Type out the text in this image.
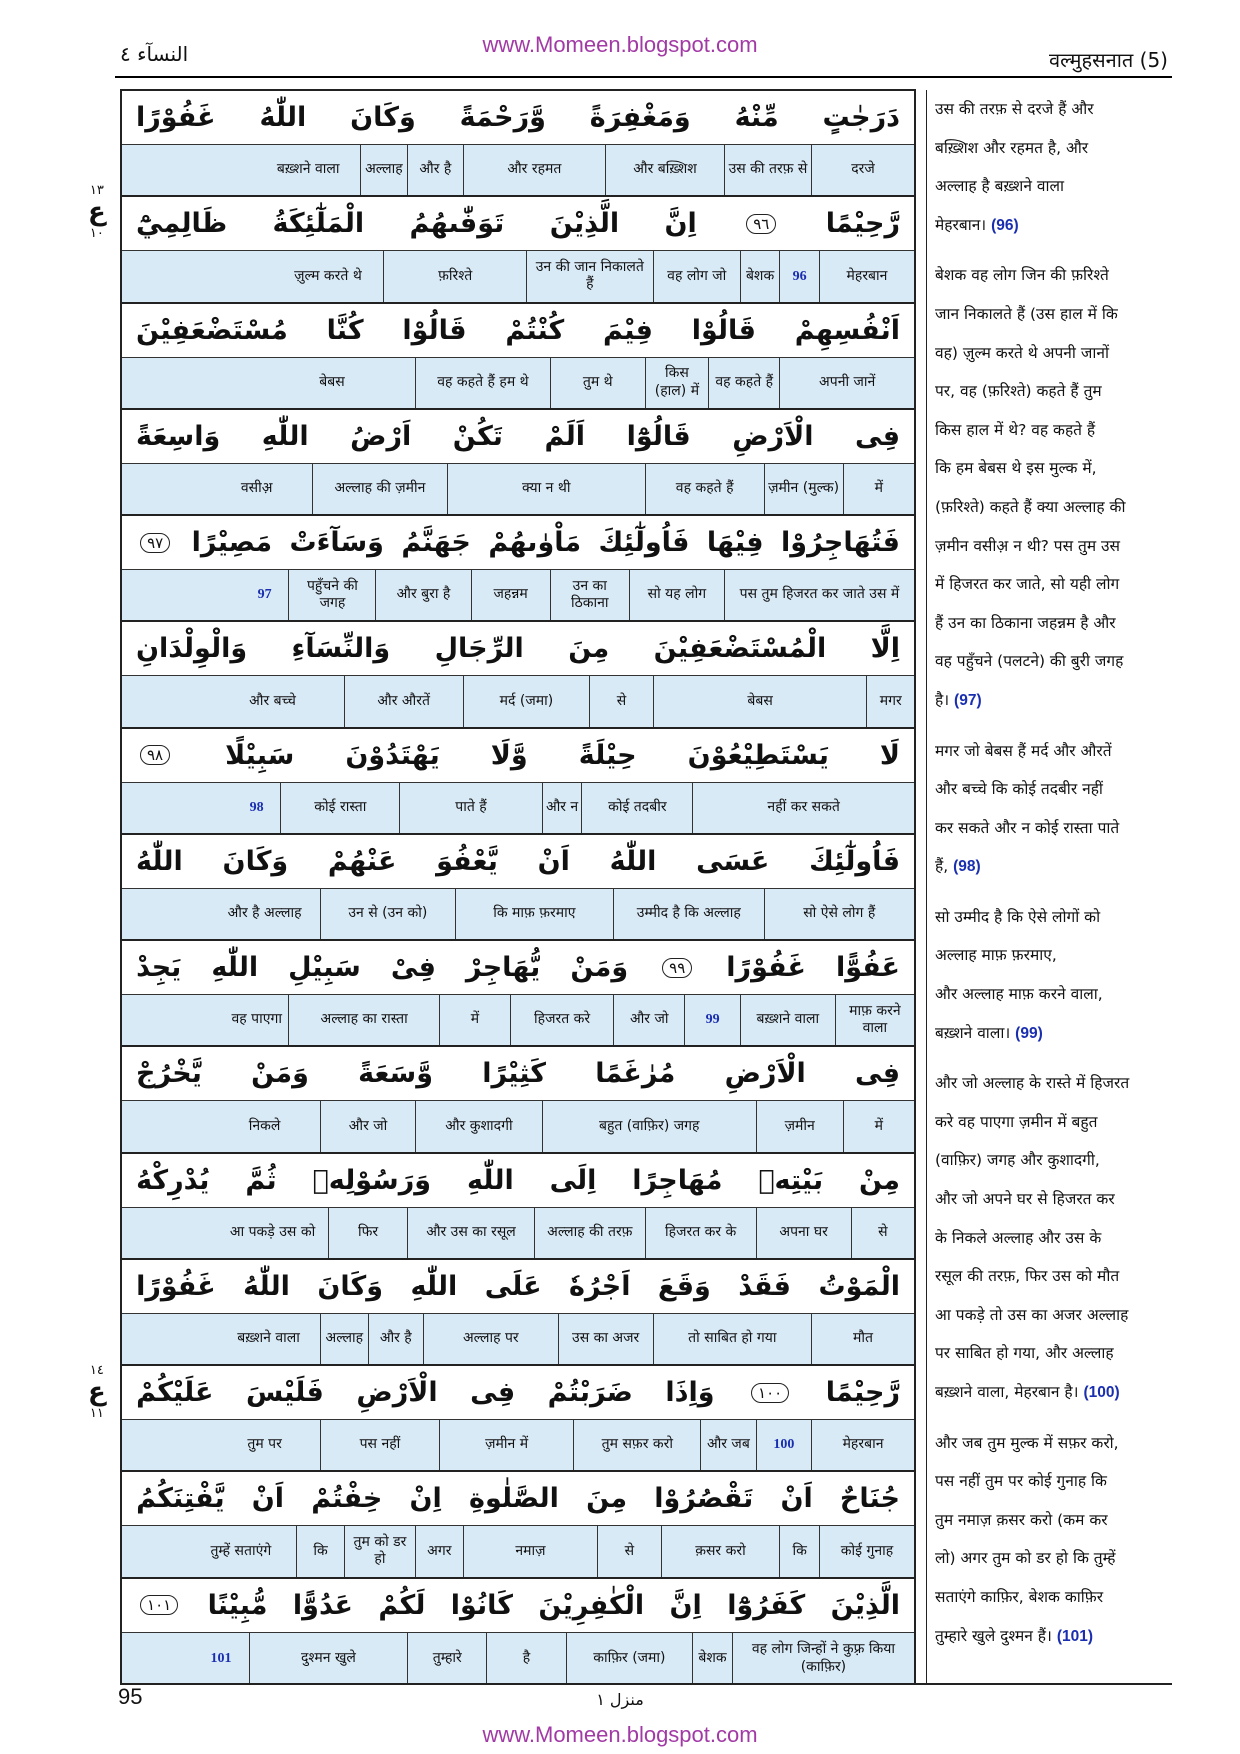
www.Momeen.blogspot.com
النسآء ٤	वल्मुहसनात (5)
١٣
ع
١٠
١٤
ع
١١
دَرَجٰتٍ
مِّنْهُ
وَمَغْفِرَةً
وَّرَحْمَةً
وَكَانَ
اللّٰهُ
غَفُوْرًا
दरजे
उस की तरफ़ से
और बख़्शिश
और रहमत
और है
अल्लाह
बख़्शने वाला
رَّحِيْمًا
٩٦
اِنَّ
الَّذِيْنَ
تَوَفّٰىهُمُ
الْمَلٰٓئِكَةُ
ظَالِمِيْٓ
मेहरबान
96
बेशक
वह लोग जो
उन की जान निकालते हैं
फ़रिश्ते
ज़ुल्म करते थे
اَنْفُسِهِمْ
قَالُوْا
فِيْمَ
كُنْتُمْ
قَالُوْا
كُنَّا
مُسْتَضْعَفِيْنَ
अपनी जानें
वह कहते हैं
किस (हाल) में
तुम थे
वह कहते हैं हम थे
बेबस
فِى
الْاَرْضِ
قَالُوْٓا
اَلَمْ
تَكُنْ
اَرْضُ
اللّٰهِ
وَاسِعَةً
में
ज़मीन (मुल्क)
वह कहते हैं
क्या न थी
अल्लाह की ज़मीन
वसीअ़
فَتُهَاجِرُوْا
فِيْهَا
فَاُولٰٓئِكَ
مَاْوٰىهُمْ
جَهَنَّمُ
وَسَآءَتْ
مَصِيْرًا
٩٧
पस तुम हिजरत कर जाते उस में
सो यह लोग
उन का ठिकाना
जहन्नम
और बुरा है
पहुँचने की जगह
97
اِلَّا
الْمُسْتَضْعَفِيْنَ
مِنَ
الرِّجَالِ
وَالنِّسَآءِ
وَالْوِلْدَانِ
मगर
बेबस
से
मर्द (जमा)
और औरतें
और बच्चे
لَا
يَسْتَطِيْعُوْنَ
حِيْلَةً
وَّلَا
يَهْتَدُوْنَ
سَبِيْلًا
٩٨
नहीं कर सकते
कोई तदबीर
और न
पाते हैं
कोई रास्ता
98
فَاُولٰٓئِكَ
عَسَى
اللّٰهُ
اَنْ
يَّعْفُوَ
عَنْهُمْ
وَكَانَ
اللّٰهُ
सो ऐसे लोग हैं
उम्मीद है कि अल्लाह
कि माफ़ फ़रमाए
उन से (उन को)
और है अल्लाह
عَفُوًّا
غَفُوْرًا
٩٩
وَمَنْ
يُّهَاجِرْ
فِىْ
سَبِيْلِ
اللّٰهِ
يَجِدْ
माफ़ करने वाला
बख़्शने वाला
99
और जो
हिजरत करे
में
अल्लाह का रास्ता
वह पाएगा
فِى
الْاَرْضِ
مُرٰغَمًا
كَثِيْرًا
وَّسَعَةً
وَمَنْ
يَّخْرُجْ
में
ज़मीन
बहुत (वाफ़िर) जगह
और कुशादगी
और जो
निकले
مِنْ
بَيْتِهٖ
مُهَاجِرًا
اِلَى
اللّٰهِ
وَرَسُوْلِهٖ
ثُمَّ
يُدْرِكْهُ
से
अपना घर
हिजरत कर के
अल्लाह की तरफ़
और उस का रसूल
फिर
आ पकड़े उस को
الْمَوْتُ
فَقَدْ
وَقَعَ
اَجْرُهٗ
عَلَى
اللّٰهِ
وَكَانَ
اللّٰهُ
غَفُوْرًا
मौत
तो साबित हो गया
उस का अजर
अल्लाह पर
और है
अल्लाह
बख़्शने वाला
رَّحِيْمًا
١٠٠
وَاِذَا
ضَرَبْتُمْ
فِى
الْاَرْضِ
فَلَيْسَ
عَلَيْكُمْ
मेहरबान
100
और जब
तुम सफ़र करो
ज़मीन में
पस नहीं
तुम पर
جُنَاحٌ
اَنْ
تَقْصُرُوْا
مِنَ
الصَّلٰوةِ
اِنْ
خِفْتُمْ
اَنْ
يَّفْتِنَكُمُ
कोई गुनाह
कि
क़सर करो
से
नमाज़
अगर
तुम को डर हो
कि
तुम्हें सताएंगे
الَّذِيْنَ
كَفَرُوْٓا
اِنَّ
الْكٰفِرِيْنَ
كَانُوْا
لَكُمْ
عَدُوًّا
مُّبِيْنًا
١٠١
वह लोग जिन्हों ने कुफ़्र किया (काफ़िर)
बेशक
काफ़िर (जमा)
है
तुम्हारे
दुश्मन खुले
101
उस की तरफ़ से दरजे हैं और
बख़्शिश और रहमत है, और
अल्लाह है बख़्शने वाला
मेहरबान। (96)
बेशक वह लोग जिन की फ़रिश्ते
जान निकालते हैं (उस हाल में कि
वह) ज़ुल्म करते थे अपनी जानों
पर, वह (फ़रिश्ते) कहते हैं तुम
किस हाल में थे? वह कहते हैं
कि हम बेबस थे इस मुल्क में,
(फ़रिश्ते) कहते हैं क्या अल्लाह की
ज़मीन वसीअ़ न थी? पस तुम उस
में हिजरत कर जाते, सो यही लोग
हैं उन का ठिकाना जहन्नम है और
वह पहुँचने (पलटने) की बुरी जगह
है। (97)
मगर जो बेबस हैं मर्द और औरतें
और बच्चे कि कोई तदबीर नहीं
कर सकते और न कोई रास्ता पाते
हैं, (98)
सो उम्मीद है कि ऐसे लोगों को
अल्लाह माफ़ फ़रमाए,
और अल्लाह माफ़ करने वाला,
बख़्शने वाला। (99)
और जो अल्लाह के रास्ते में हिजरत
करे वह पाएगा ज़मीन में बहुत
(वाफ़िर) जगह और कुशादगी,
और जो अपने घर से हिजरत कर
के निकले अल्लाह और उस के
रसूल की तरफ़, फिर उस को मौत
आ पकड़े तो उस का अजर अल्लाह
पर साबित हो गया, और अल्लाह
बख़्शने वाला, मेहरबान है। (100)
और जब तुम मुल्क में सफ़र करो,
पस नहीं तुम पर कोई गुनाह कि
तुम नमाज़ क़सर करो (कम कर
लो) अगर तुम को डर हो कि तुम्हें
सताएंगे काफ़िर, बेशक काफ़िर
तुम्हारे खुले दुश्मन हैं। (101)
95	منزل ١
www.Momeen.blogspot.com
